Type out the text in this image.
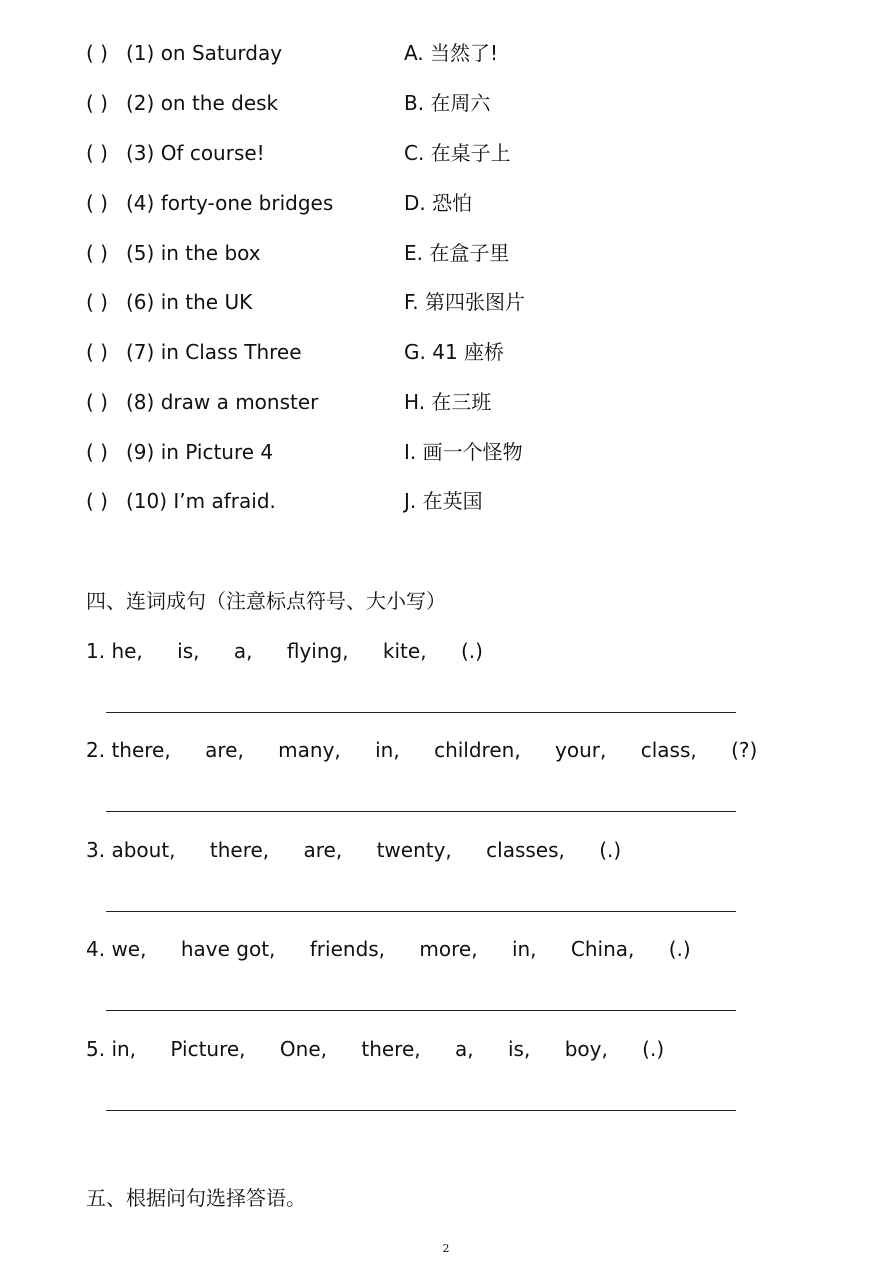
( ) (1) on Saturday	A. 当然了!
( ) (2) on the desk	B. 在周六
( ) (3) Of course!	C. 在桌子上
( ) (4) forty-one bridges	D. 恐怕
( ) (5) in the box	E. 在盒子里
( ) (6) in the UK	F. 第四张图片
( ) (7) in Class Three	G. 41 座桥
( ) (8) draw a monster	H. 在三班
( ) (9) in Picture 4	I. 画一个怪物
( ) (10) I’m afraid.	J. 在英国
四、连词成句（注意标点符号、大小写）
1. he, is, a, flying, kite, (.)
2. there, are, many, in, children, your, class, (?)
3. about, there, are, twenty, classes, (.)
4. we, have got, friends, more, in, China, (.)
5. in, Picture, One, there, a, is, boy, (.)
五、根据问句选择答语。
2
